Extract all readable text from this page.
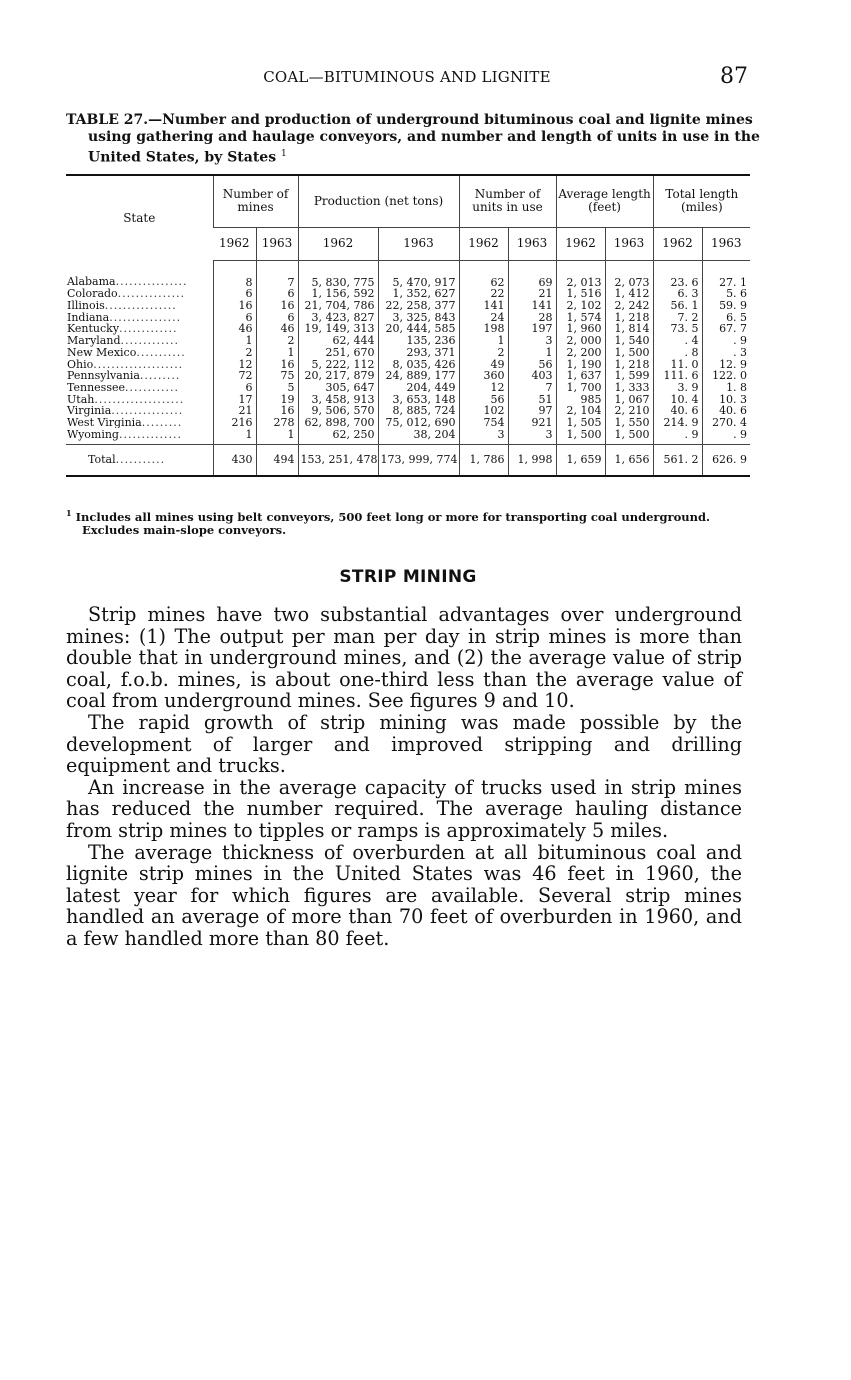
COAL—BITUMINOUS AND LIGNITE	87
TABLE 27.—Number and production of underground bituminous coal and lignite mines using gathering and haulage conveyors, and number and length of units in use in the United States, by States $^1$
State	Number of mines		Production (net tons)		Number of units in use		Average length (feet)		Total length (miles)	
	1962	1963	1962	1963	1962	1963	1962	1963	1962	1963
Alabama................	8	7	5, 830, 775	5, 470, 917	62	69	2, 013	2, 073	23. 6	27. 1
Colorado...............	6	6	1, 156, 592	1, 352, 627	22	21	1, 516	1, 412	6. 3	5. 6
Illinois................	16	16	21, 704, 786	22, 258, 377	141	141	2, 102	2, 242	56. 1	59. 9
Indiana................	6	6	3, 423, 827	3, 325, 843	24	28	1, 574	1, 218	7. 2	6. 5
Kentucky.............	46	46	19, 149, 313	20, 444, 585	198	197	1, 960	1, 814	73. 5	67. 7
Maryland.............	1	2	62, 444	135, 236	1	3	2, 000	1, 540	. 4	. 9
New Mexico...........	2	1	251, 670	293, 371	2	1	2, 200	1, 500	. 8	. 3
Ohio....................	12	16	5, 222, 112	8, 035, 426	49	56	1, 190	1, 218	11. 0	12. 9
Pennsylvania.........	72	75	20, 217, 879	24, 889, 177	360	403	1, 637	1, 599	111. 6	122. 0
Tennessee............	6	5	305, 647	204, 449	12	7	1, 700	1, 333	3. 9	1. 8
Utah....................	17	19	3, 458, 913	3, 653, 148	56	51	985	1, 067	10. 4	10. 3
Virginia................	21	16	9, 506, 570	8, 885, 724	102	97	2, 104	2, 210	40. 6	40. 6
West Virginia.........	216	278	62, 898, 700	75, 012, 690	754	921	1, 505	1, 550	214. 9	270. 4
Wyoming..............	1	1	62, 250	38, 204	3	3	1, 500	1, 500	. 9	. 9
Total...........	430	494	153, 251, 478	173, 999, 774	1, 786	1, 998	1, 659	1, 656	561. 2	626. 9
$^1$ Includes all mines using belt conveyors, 500 feet long or more for transporting coal underground. Excludes main-slope conveyors.
STRIP MINING

Strip mines have two substantial advantages over underground mines: (1) The output per man per day in strip mines is more than double that in underground mines, and (2) the average value of strip coal, f.o.b. mines, is about one-third less than the average value of coal from underground mines. See figures 9 and 10.

The rapid growth of strip mining was made possible by the development of larger and improved stripping and drilling equipment and trucks.

An increase in the average capacity of trucks used in strip mines has reduced the number required. The average hauling distance from strip mines to tipples or ramps is approximately 5 miles.

The average thickness of overburden at all bituminous coal and lignite strip mines in the United States was 46 feet in 1960, the latest year for which figures are available. Several strip mines handled an average of more than 70 feet of overburden in 1960, and a few handled more than 80 feet.
